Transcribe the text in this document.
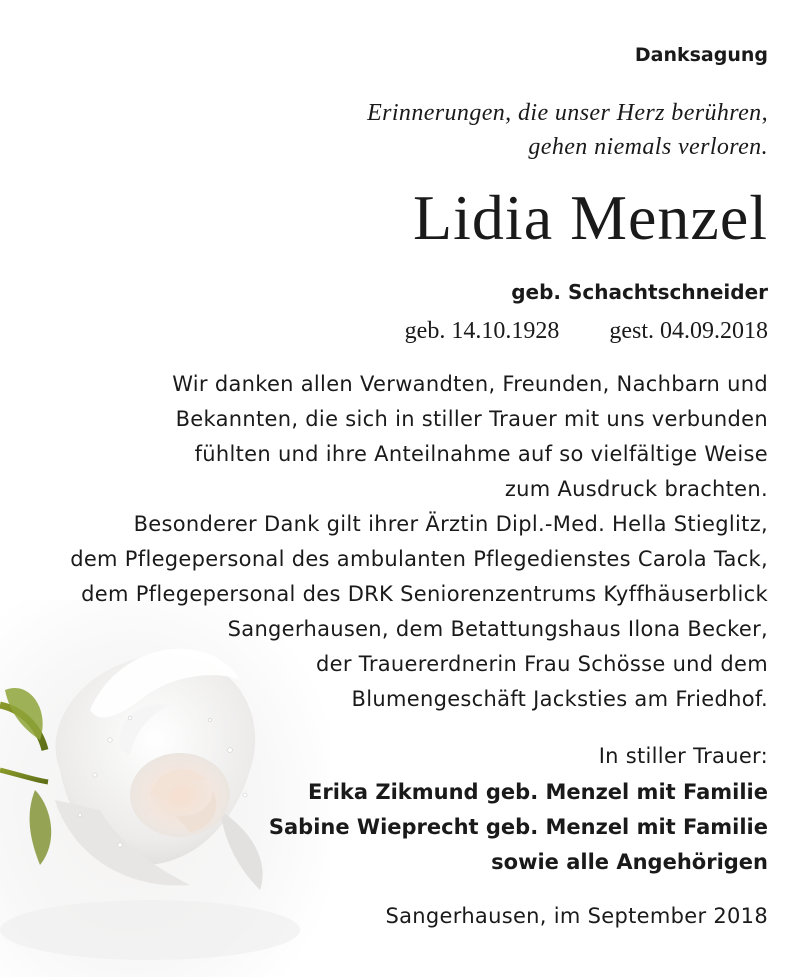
Danksagung
Erinnerungen, die unser Herz berühren,
gehen niemals verloren.
Lidia Menzel
geb. Schachtschneider
geb. 14.10.1928 gest. 04.09.2018
Wir danken allen Verwandten, Freunden, Nachbarn und
Bekannten, die sich in stiller Trauer mit uns verbunden
fühlten und ihre Anteilnahme auf so vielfältige Weise
zum Ausdruck brachten.
Besonderer Dank gilt ihrer Ärztin Dipl.-Med. Hella Stieglitz,
dem Pflegepersonal des ambulanten Pflegedienstes Carola Tack,
dem Pflegepersonal des DRK Seniorenzentrums Kyffhäuserblick
Sangerhausen, dem Betattungshaus Ilona Becker,
der Trauererdnerin Frau Schösse und dem
Blumengeschäft Jacksties am Friedhof.
In stiller Trauer:
Erika Zikmund geb. Menzel mit Familie
Sabine Wieprecht geb. Menzel mit Familie
sowie alle Angehörigen
Sangerhausen, im September 2018
